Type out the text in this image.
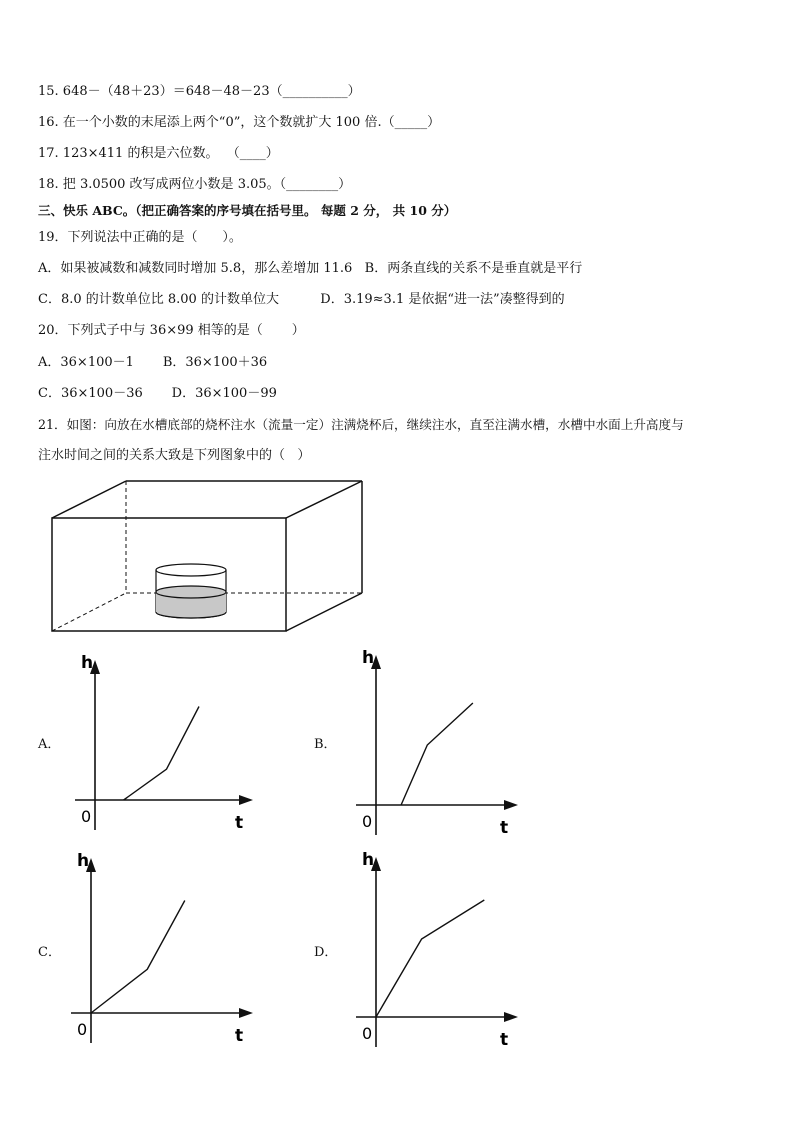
15. 648－（48＋23）＝648－48－23（__________）
16. 在一个小数的末尾添上两个“0”，这个数就扩大 100 倍.（_____）
17. 123×411 的积是六位数。  （____）
18. 把 3.0500 改写成两位小数是 3.05。（________）
三、快乐 ABC。（把正确答案的序号填在括号里。 每题 2 分， 共 10 分）
19．下列说法中正确的是（      ）。
A．如果被减数和减数同时增加 5.8，那么差增加 11.6   B．两条直线的关系不是垂直就是平行
C．8.0 的计数单位比 8.00 的计数单位大          D．3.19≈3.1 是依据“进一法”凑整得到的
20．下列式子中与 36×99 相等的是（       ）
A．36×100－1       B．36×100＋36
C．36×100－36       D．36×100－99
21．如图：向放在水槽底部的烧杯注水（流量一定）注满烧杯后，继续注水，直至注满水槽，水槽中水面上升高度与
注水时间之间的关系大致是下列图象中的（   ）
A．
h
t
0
B．
h
t
0
C．
h
t
0
D．
h
t
0
